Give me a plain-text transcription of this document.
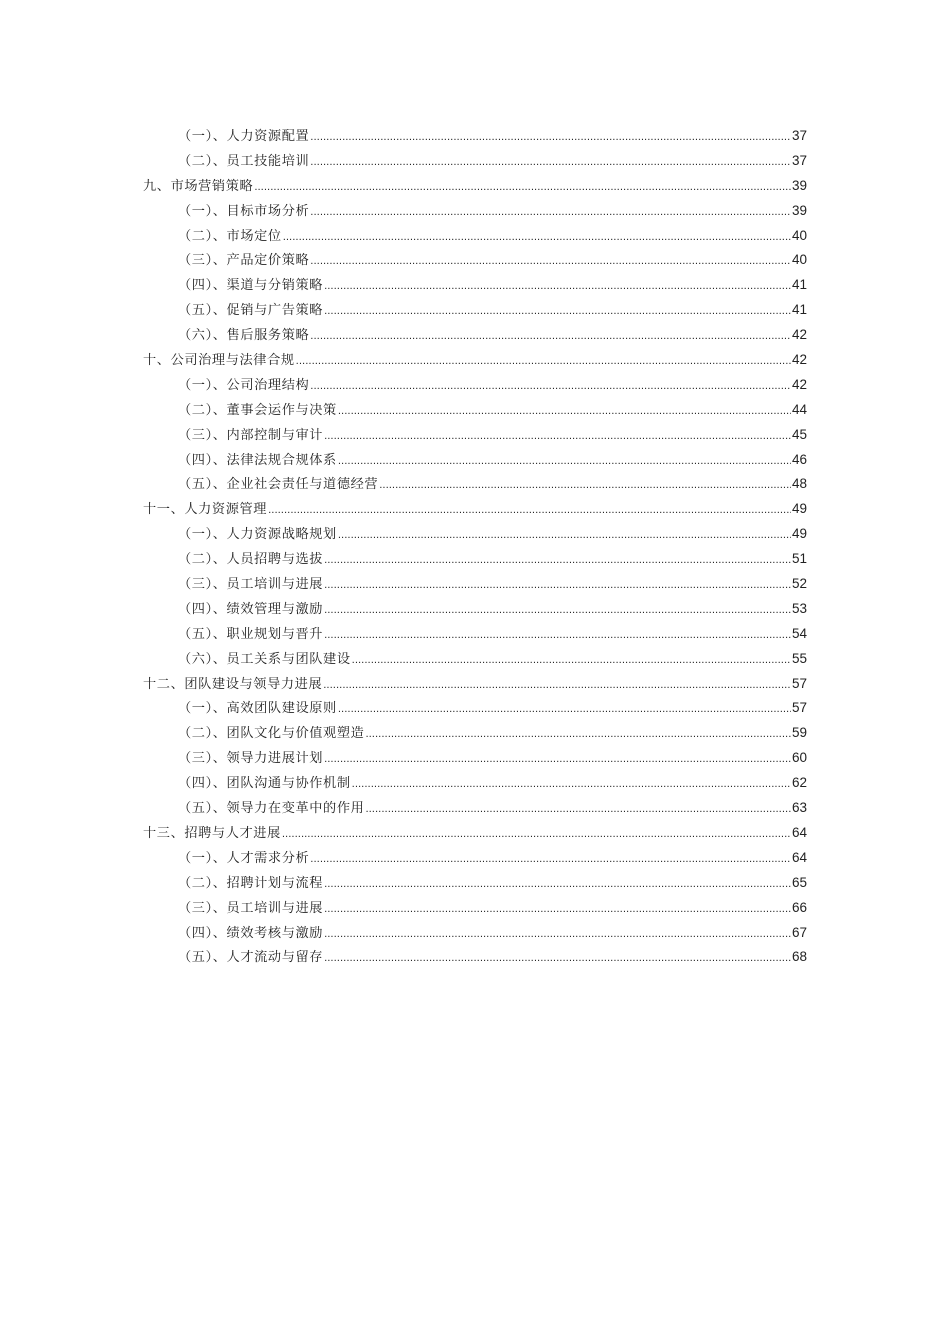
（一）、人力资源配置 .....	37
（二）、员工技能培训 .....	37
九、市场营销策略 .....	39
（一）、目标市场分析 .....	39
（二）、市场定位 .....	40
（三）、产品定价策略 .....	40
（四）、渠道与分销策略 .....	41
（五）、促销与广告策略 .....	41
（六）、售后服务策略 .....	42
十、公司治理与法律合规 .....	42
（一）、公司治理结构 .....	42
（二）、董事会运作与决策 .....	44
（三）、内部控制与审计 .....	45
（四）、法律法规合规体系 .....	46
（五）、企业社会责任与道德经营 .....	48
十一、人力资源管理 .....	49
（一）、人力资源战略规划 .....	49
（二）、人员招聘与选拔 .....	51
（三）、员工培训与进展 .....	52
（四）、绩效管理与激励 .....	53
（五）、职业规划与晋升 .....	54
（六）、员工关系与团队建设 .....	55
十二、团队建设与领导力进展 .....	57
（一）、高效团队建设原则 .....	57
（二）、团队文化与价值观塑造 .....	59
（三）、领导力进展计划 .....	60
（四）、团队沟通与协作机制 .....	62
（五）、领导力在变革中的作用 .....	63
十三、招聘与人才进展 .....	64
（一）、人才需求分析 .....	64
（二）、招聘计划与流程 .....	65
（三）、员工培训与进展 .....	66
（四）、绩效考核与激励 .....	67
（五）、人才流动与留存 .....	68
